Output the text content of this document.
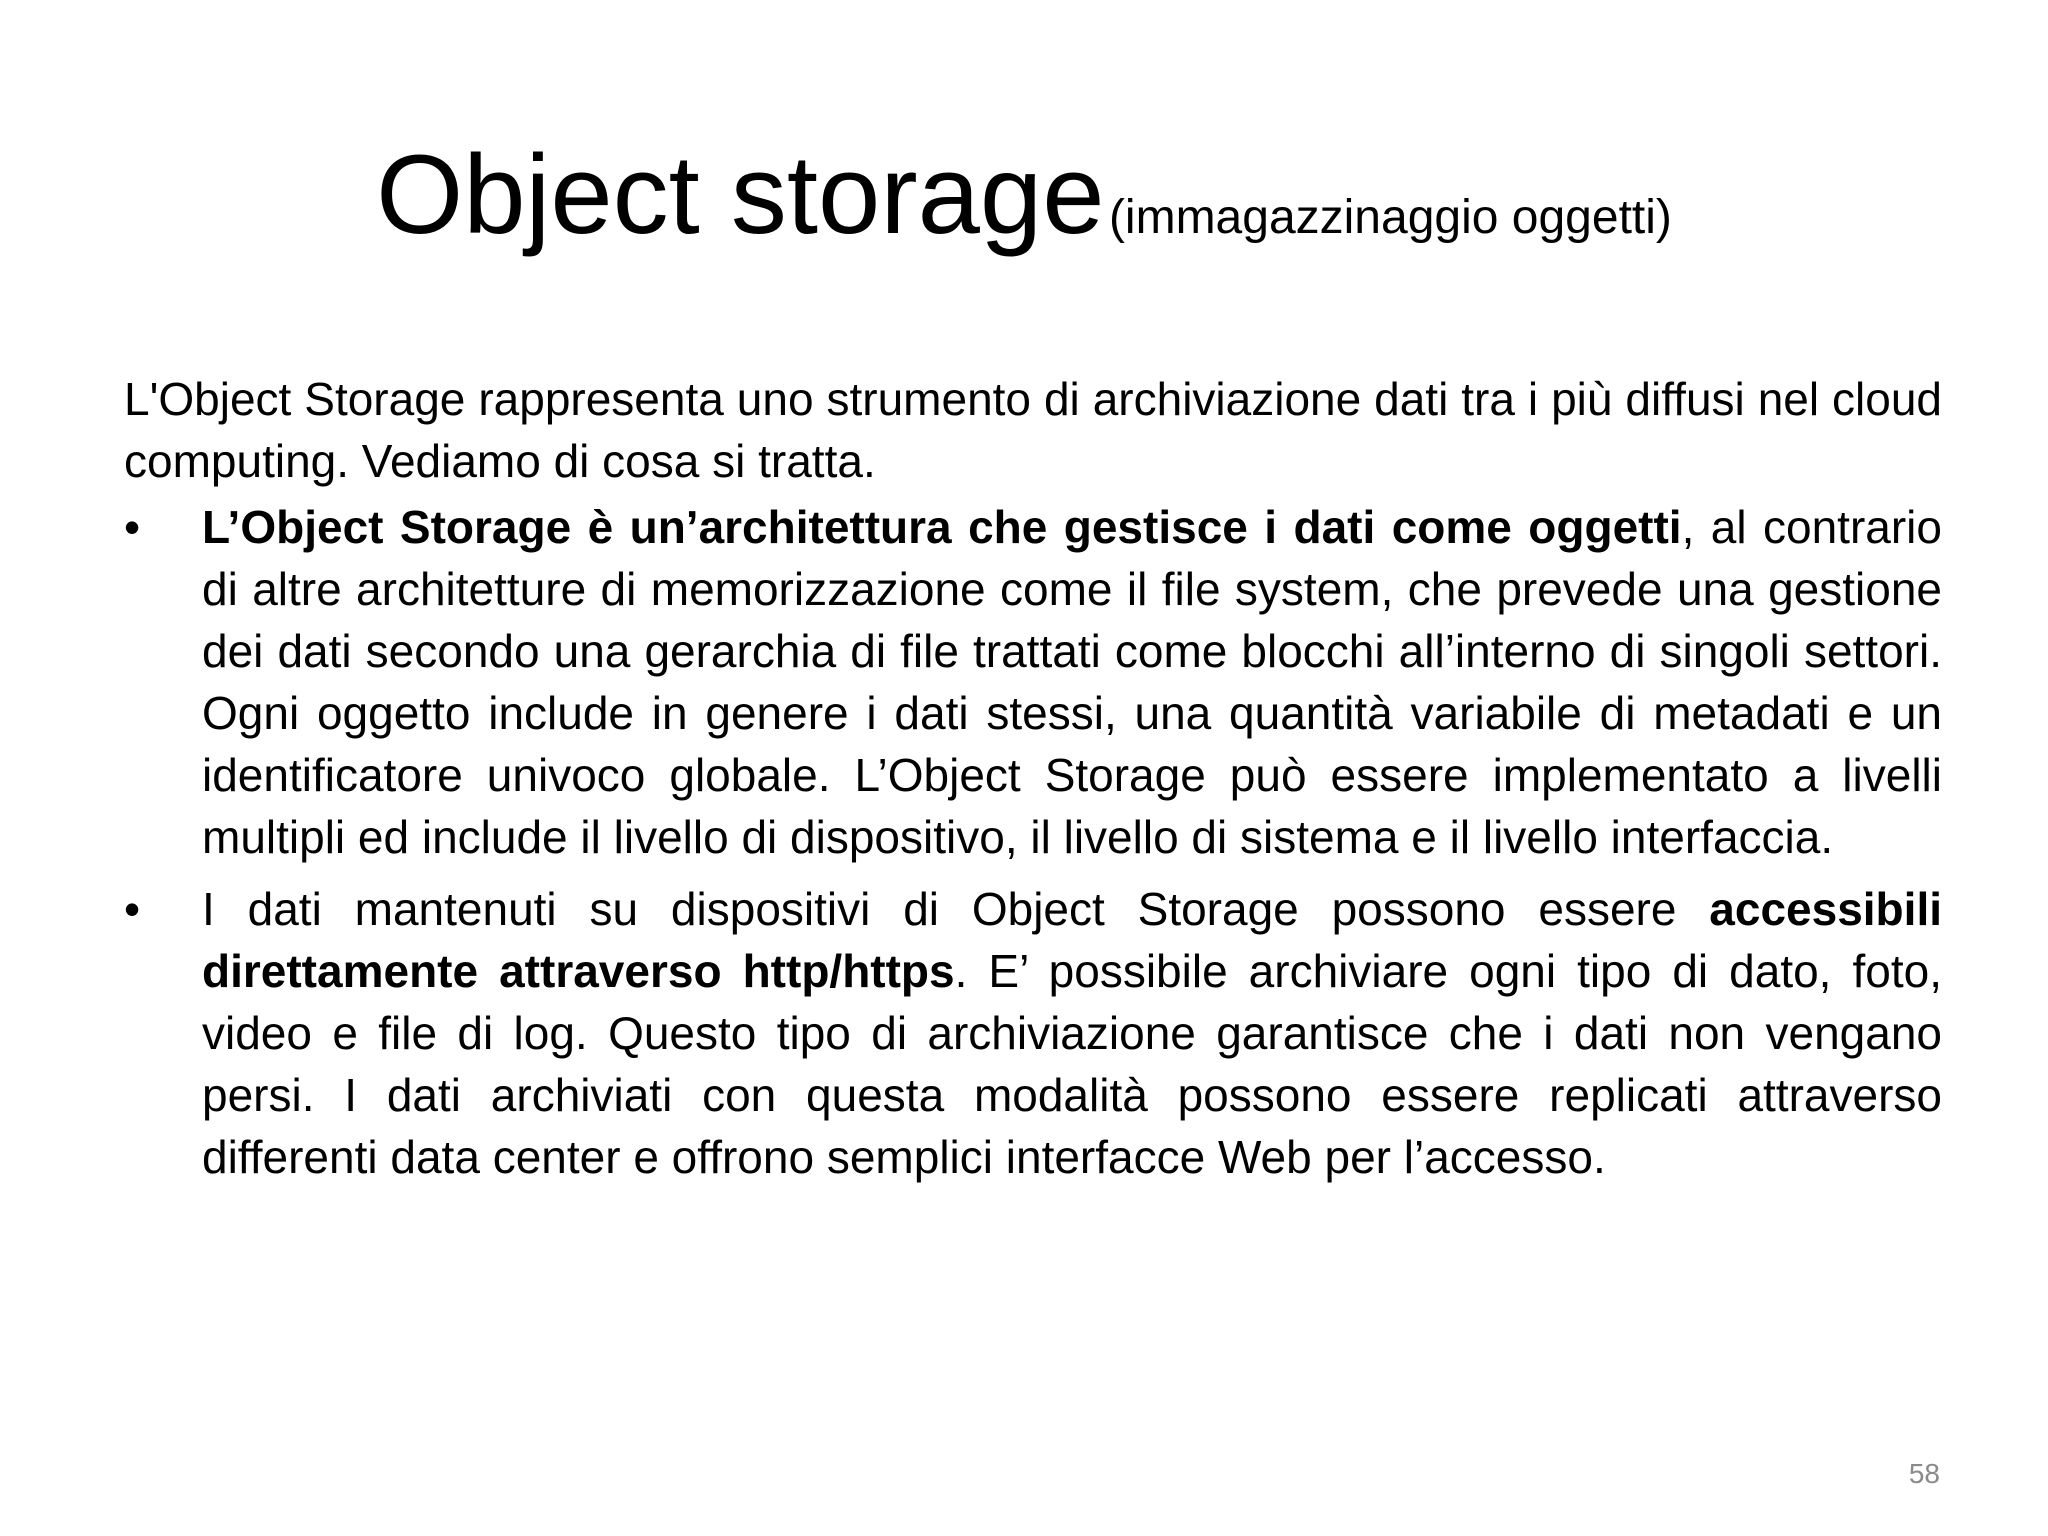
Object storage (immagazzinaggio oggetti)

L'Object Storage rappresenta uno strumento di archiviazione dati tra i più diffusi nel cloud computing. Vediamo di cosa si tratta.

• L’Object Storage è un’architettura che gestisce i dati come oggetti, al contrario di altre architetture di memorizzazione come il file system, che prevede una gestione dei dati secondo una gerarchia di file trattati come blocchi all’interno di singoli settori. Ogni oggetto include in genere i dati stessi, una quantità variabile di metadati e un identificatore univoco globale. L’Object Storage può essere implementato a livelli multipli ed include il livello di dispositivo, il livello di sistema e il livello interfaccia.
• I dati mantenuti su dispositivi di Object Storage possono essere accessibili direttamente attraverso http/https. E’ possibile archiviare ogni tipo di dato, foto, video e file di log. Questo tipo di archiviazione garantisce che i dati non vengano persi. I dati archiviati con questa modalità possono essere replicati attraverso differenti data center e offrono semplici interfacce Web per l’accesso.
58
